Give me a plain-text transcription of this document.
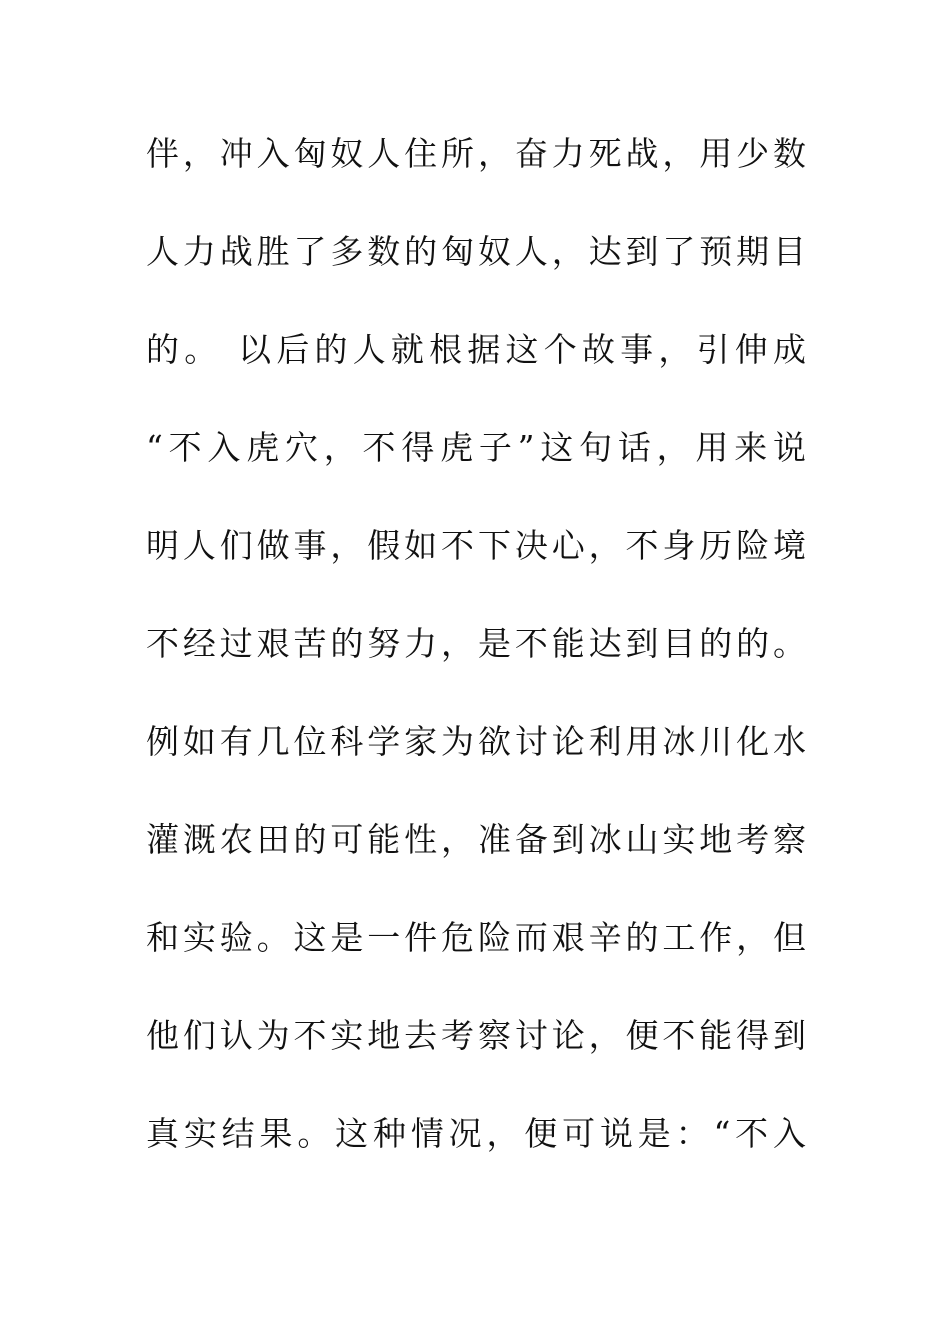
伴，冲入匈奴人住所，奋力死战，用少数
人力战胜了多数的匈奴人，达到了预期目
的。 以后的人就根据这个故事，引伸成
“不入虎穴，不得虎子”这句话，用来说
明人们做事，假如不下决心，不身历险境
不经过艰苦的努力，是不能达到目的的。
例如有几位科学家为欲讨论利用冰川化水
灌溉农田的可能性，准备到冰山实地考察
和实验。这是一件危险而艰辛的工作，但
他们认为不实地去考察讨论，便不能得到
真实结果。这种情况，便可说是：“不入
